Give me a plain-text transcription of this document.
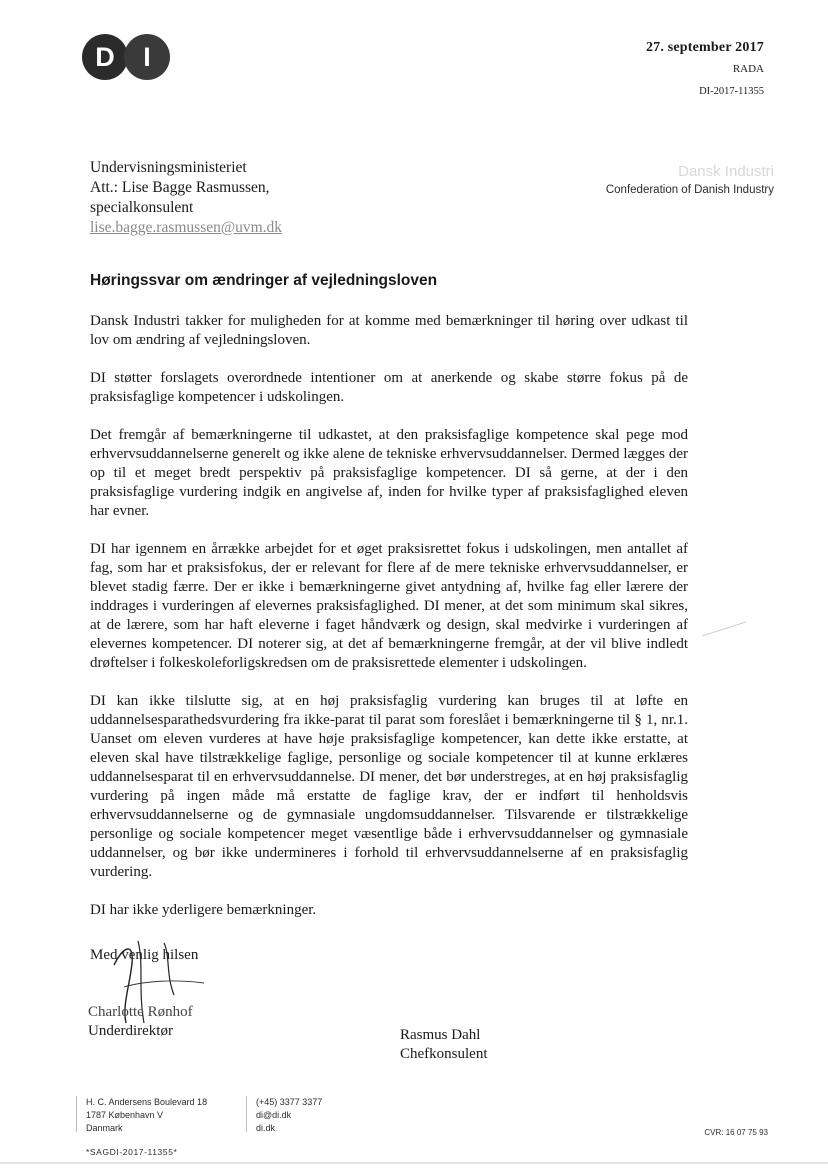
D	I	27. september 2017
RADA
DI-2017-11355
Undervisningsministeriet
Att.: Lise Bagge Rasmussen,
specialkonsulent
lise.bagge.rasmussen@uvm.dk
Dansk Industri
Confederation of Danish Industry
Høringssvar om ændringer af vejledningsloven

Dansk Industri takker for muligheden for at komme med bemærkninger til høring over udkast til lov om ændring af vejledningsloven.

DI støtter forslagets overordnede intentioner om at anerkende og skabe større fokus på de praksisfaglige kompetencer i udskolingen.

Det fremgår af bemærkningerne til udkastet, at den praksisfaglige kompetence skal pege mod erhvervsuddannelserne generelt og ikke alene de tekniske erhvervsuddannelser. Dermed lægges der op til et meget bredt perspektiv på praksisfaglige kompetencer. DI så gerne, at der i den praksisfaglige vurdering indgik en angivelse af, inden for hvilke typer af praksisfaglighed eleven har evner.

DI har igennem en årrække arbejdet for et øget praksisrettet fokus i udskolingen, men antallet af fag, som har et praksisfokus, der er relevant for flere af de mere tekniske erhvervsuddannelser, er blevet stadig færre. Der er ikke i bemærkningerne givet antydning af, hvilke fag eller lærere der inddrages i vurderingen af elevernes praksisfaglighed. DI mener, at det som minimum skal sikres, at de lærere, som har haft eleverne i faget håndværk og design, skal medvirke i vurderingen af elevernes kompetencer. DI noterer sig, at det af bemærkningerne fremgår, at der vil blive indledt drøftelser i folkeskoleforligskredsen om de praksisrettede elementer i udskolingen.

DI kan ikke tilslutte sig, at en høj praksisfaglig vurdering kan bruges til at løfte en uddannelsesparathedsvurdering fra ikke-parat til parat som foreslået i bemærkningerne til § 1, nr.1. Uanset om eleven vurderes at have høje praksisfaglige kompetencer, kan dette ikke erstatte, at eleven skal have tilstrækkelige faglige, personlige og sociale kompetencer til at kunne erklæres uddannelsesparat til en erhvervsuddannelse. DI mener, det bør understreges, at en høj praksisfaglig vurdering på ingen måde må erstatte de faglige krav, der er indført til henholdsvis erhvervsuddannelserne og de gymnasiale ungdomsuddannelser. Tilsvarende er tilstrækkelige personlige og sociale kompetencer meget væsentlige både i erhvervsuddannelser og gymnasiale uddannelser, og bør ikke undermineres i forhold til erhvervsuddannelserne af en praksisfaglig vurdering.

DI har ikke yderligere bemærkninger.

Med venlig hilsen
Charlotte Rønhof
Underdirektør	Rasmus Dahl
Chefkonsulent
H. C. Andersens Boulevard 18
1787 København V
Danmark
(+45) 3377 3377
di@di.dk
di.dk	CVR: 16 07 75 93
*SAGDI-2017-11355*
